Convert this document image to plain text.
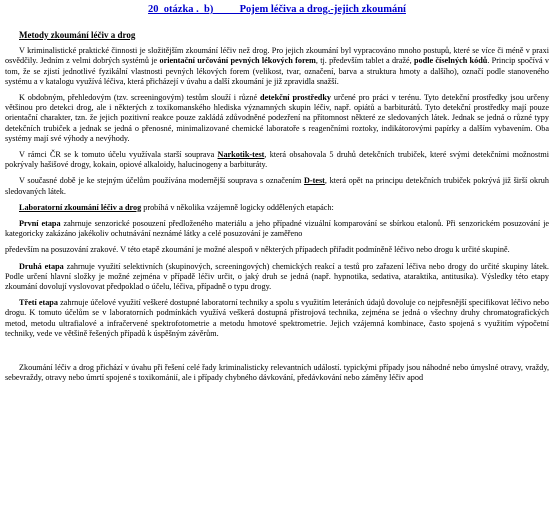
20  otázka .  b)          Pojem léčiva a drog.-jejich zkoumání
Metody zkoumání léčiv a drog

V kriminalistické praktické činnosti je složitějším zkoumání léčiv než drog. Pro jejich zkoumání byl vypracováno mnoho postupů, které se více či méně v praxi osvědčily. Jedním z velmi dobrých systémů je orientační určování pevných lékových forem, tj. především tablet a dražé, podle číselných kódů. Princip spočívá v tom, že se zjistí jednotlivé fyzikální vlastnosti pevných lékových forem (velikost, tvar, označení, barva a struktura hmoty a dalšího), označí podle stanoveného systému a v katalogu využívá léčiva, která přicházejí v úvahu a další zkoumání je již zpravidla snažší.

K obdobným, přehledovým (tzv. screeningovým) testům slouží i různé detekční prostředky určené pro práci v terénu. Tyto detekční prostředky jsou určeny většinou pro detekci drog, ale i některých z toxikomanského hlediska významných skupin léčiv, např. opiátů a barbiturátů. Tyto detekční prostředky mají pouze orientační charakter, tzn. že jejich pozitivní reakce pouze zakládá zdůvodněné podezření na přítomnost některé ze sledovaných látek. Jednak se jedná o různé typy detekčních trubiček a jednak se jedná o přenosné, minimalizované chemické laboratoře s reagenčními roztoky, indikátorovými papírky a dalším vybavením. Oba systémy mají své výhody a nevýhody.

V rámci ČR se k tomuto účelu využívala starší souprava Narkotik-test, která obsahovala 5 druhů detekčních trubiček, které svými detekčními možnostmi pokrývaly hašišové drogy, kokain, opiové alkaloidy, halucinogeny a barbituráty.

V současné době je ke stejným účelům používána modernější souprava s označením D-test, která opět na principu detekčních trubiček pokrývá již širší okruh sledovaných látek.

Laboratorní zkoumání léčiv a drog probíhá v několika vzájemně logicky oddělených etapách:

První etapa zahrnuje senzorické posouzení předloženého materiálu a jeho případné vizuální komparování se sbírkou etalonů. Při senzorickém posuzování je kategoricky zakázáno jakékoliv ochutnávání neznámé látky a celé posuzování je zaměřeno

především na posuzování zrakové. V této etapě zkoumání je možné alespoň v některých případech přiřadit podmíněně léčivo nebo drogu k určité skupině.

Druhá etapa zahrnuje využití selektivních (skupinových, screeningových) chemických reakcí a testů pro zařazení léčiva nebo drogy do určité skupiny látek. Podle určení hlavní složky je možné zejména v případě léčiv určit, o jaký druh se jedná (např. hypnotika, sedativa, ataraktika, antitusika). Výsledky této etapy zkoumání dovolují vyslovovat předpoklad o účelu, léčiva, případně o typu drogy.

Třetí etapa zahrnuje účelové využití veškeré dostupné laboratorní techniky a spolu s využitím leteráních údajů dovoluje co nejpřesnější specifikovat léčivo nebo drogu. K tomuto účelům se v laboratorních podmínkách využívá veškerá dostupná přístrojová technika, zejména se jedná o všechny druhy chromatografických metod, metodu ultrafialové a infračervené spektrofotometrie a metodu hmotové spektrometrie. Jejich vzájemná kombinace, často spojená s využitím výpočetní techniky, vede ve většině řešených případů k úspěšným závěrům.

Zkoumání léčiv a drog přichází v úvahu při řešení celé řady kriminalisticky relevantních událostí. typickými případy jsou náhodné nebo úmyslné otravy, vraždy, sebevraždy, otravy nebo úmrtí spojené s toxikománií, ale i případy chybného dávkování, předávkování nebo záměny léčiv apod
